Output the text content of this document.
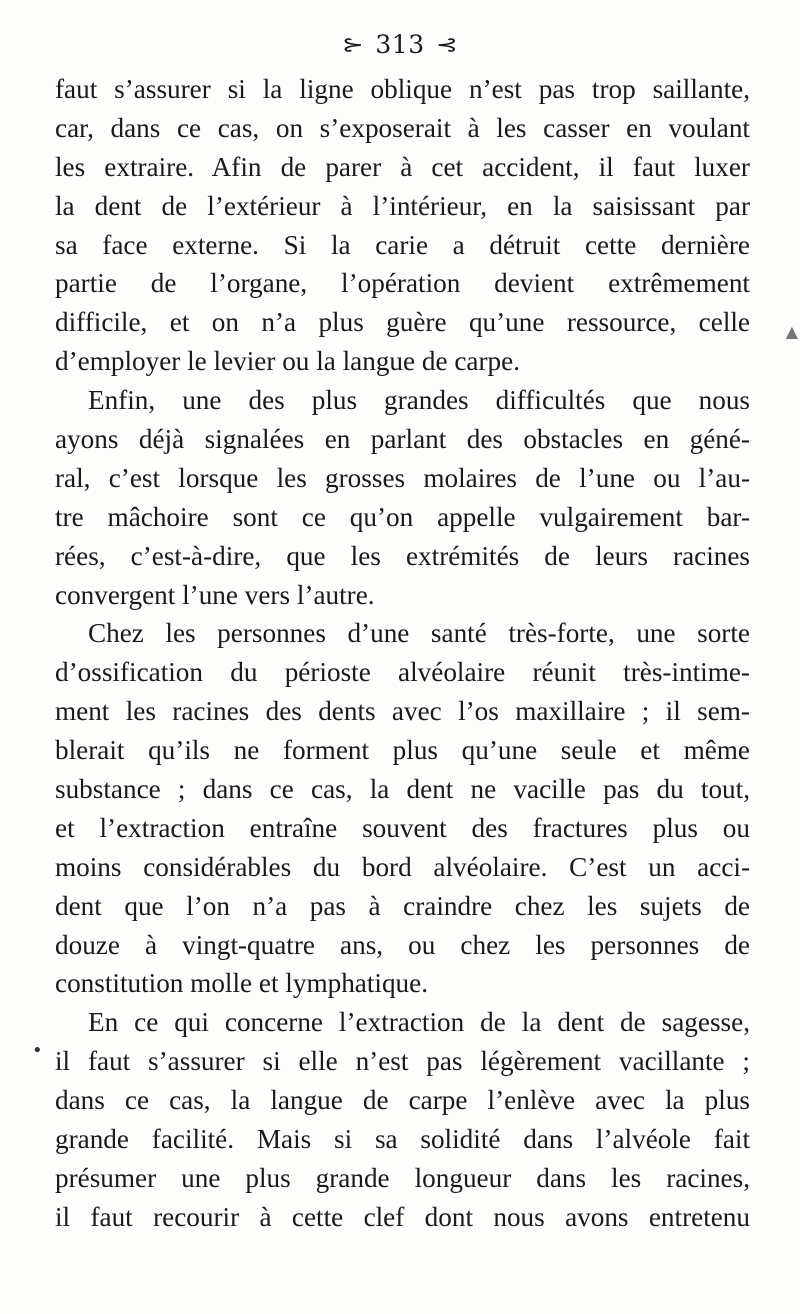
⊱ 313 ⊰
▲
•
faut s’assurer si la ligne oblique n’est pas trop saillante,
car, dans ce cas, on s’exposerait à les casser en voulant
les extraire. Afin de parer à cet accident, il faut luxer
la dent de l’extérieur à l’intérieur, en la saisissant par
sa face externe. Si la carie a détruit cette dernière
partie de l’organe, l’opération devient extrêmement
difficile, et on n’a plus guère qu’une ressource, celle
d’employer le levier ou la langue de carpe.
Enfin, une des plus grandes difficultés que nous
ayons déjà signalées en parlant des obstacles en géné-
ral, c’est lorsque les grosses molaires de l’une ou l’au-
tre mâchoire sont ce qu’on appelle vulgairement bar-
rées, c’est-à-dire, que les extrémités de leurs racines
convergent l’une vers l’autre.
Chez les personnes d’une santé très-forte, une sorte
d’ossification du périoste alvéolaire réunit très-intime-
ment les racines des dents avec l’os maxillaire ; il sem-
blerait qu’ils ne forment plus qu’une seule et même
substance ; dans ce cas, la dent ne vacille pas du tout,
et l’extraction entraîne souvent des fractures plus ou
moins considérables du bord alvéolaire. C’est un acci-
dent que l’on n’a pas à craindre chez les sujets de
douze à vingt-quatre ans, ou chez les personnes de
constitution molle et lymphatique.
En ce qui concerne l’extraction de la dent de sagesse,
il faut s’assurer si elle n’est pas légèrement vacillante ;
dans ce cas, la langue de carpe l’enlève avec la plus
grande facilité. Mais si sa solidité dans l’alvéole fait
présumer une plus grande longueur dans les racines,
il faut recourir à cette clef dont nous avons entretenu
